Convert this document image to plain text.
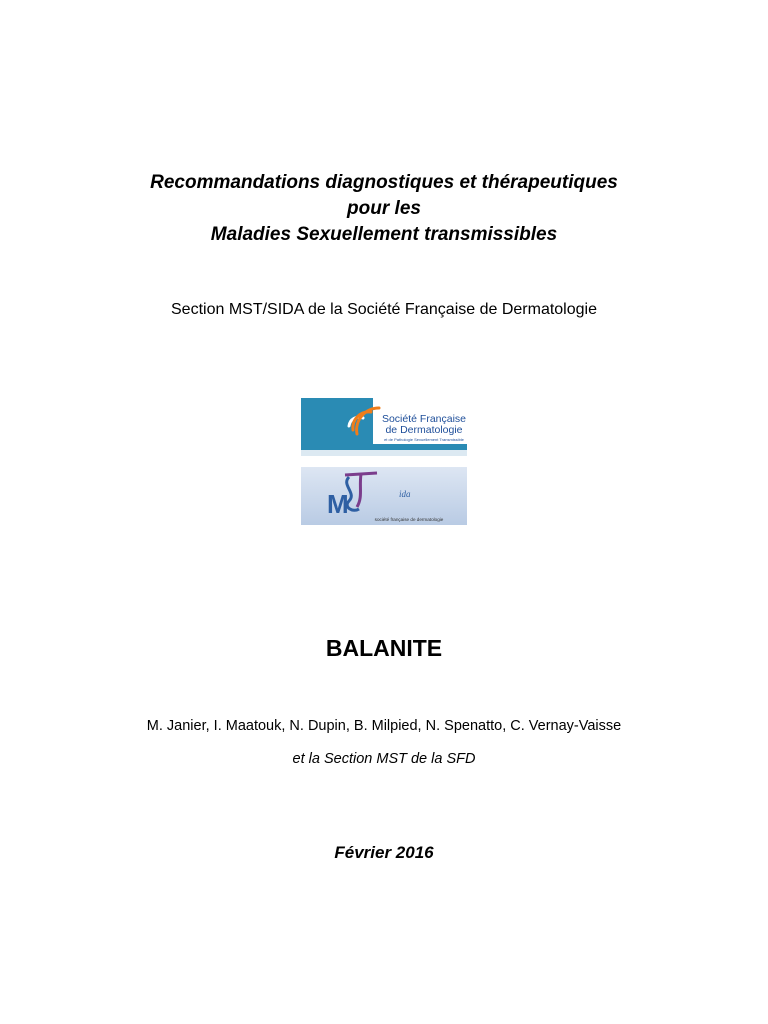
Recommandations diagnostiques et thérapeutiques
pour les
Maladies Sexuellement transmissibles
Section MST/SIDA de la Société Française de Dermatologie
Société Française
de Dermatologie
et de Pathologie Sexuellement Transmissible
M	ida
société française de dermatologie
BALANITE
M. Janier, I. Maatouk, N. Dupin, B. Milpied, N. Spenatto, C. Vernay-Vaisse
et la Section MST de la SFD
Février 2016
